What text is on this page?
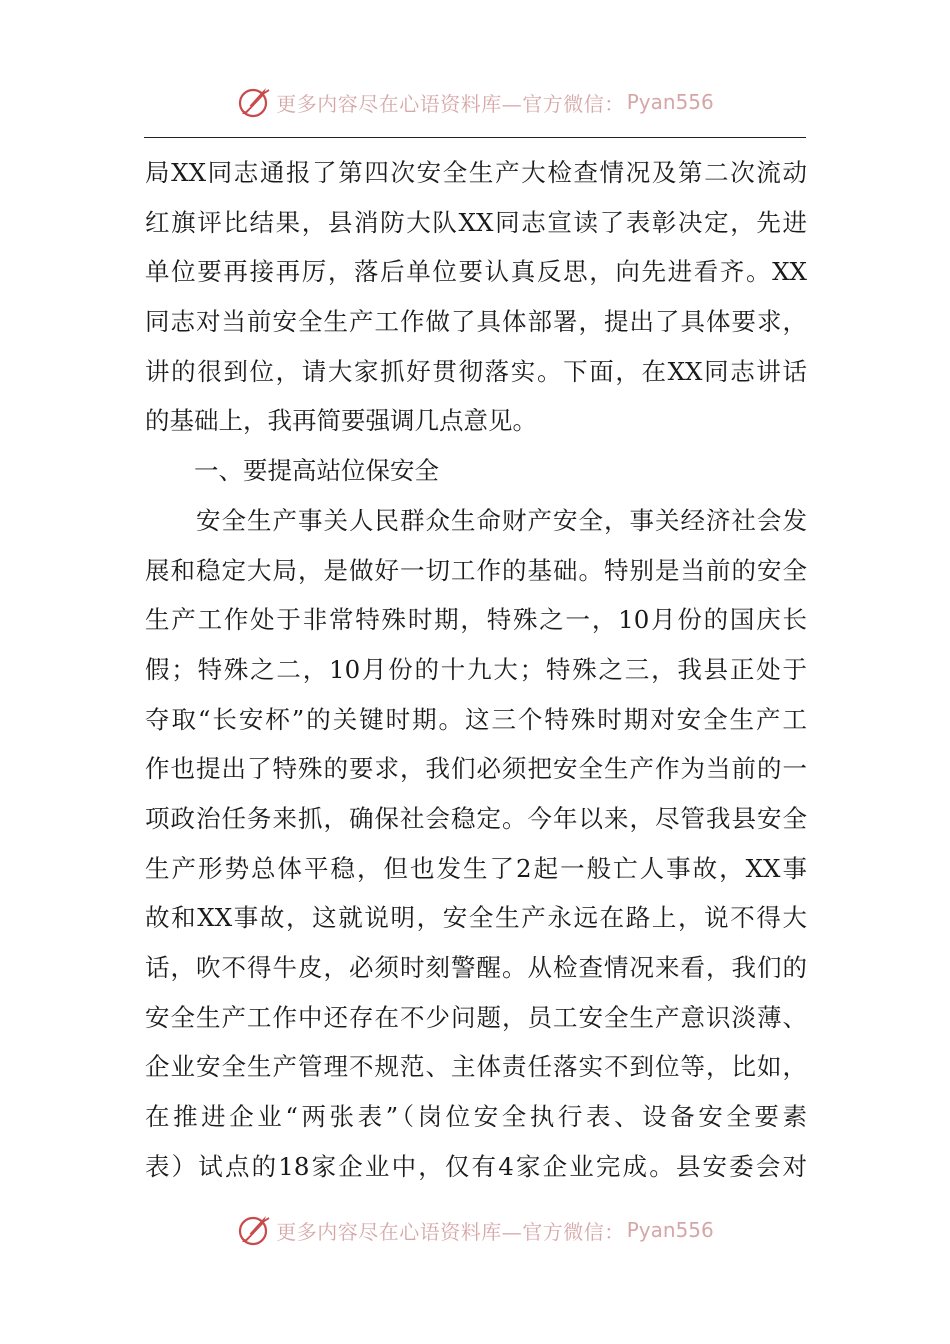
更多内容尽在心语资料库—官方微信： Pyan556
局XX同志通报了第四次安全生产大检查情况及第二次流动
红旗评比结果，县消防大队XX同志宣读了表彰决定，先进
单位要再接再厉，落后单位要认真反思，向先进看齐。XX
同志对当前安全生产工作做了具体部署，提出了具体要求，
讲的很到位，请大家抓好贯彻落实。下面，在XX同志讲话
的基础上，我再简要强调几点意见。
　　一、要提高站位保安全
　　安全生产事关人民群众生命财产安全，事关经济社会发
展和稳定大局，是做好一切工作的基础。特别是当前的安全
生产工作处于非常特殊时期，特殊之一，10月份的国庆长
假；特殊之二，10月份的十九大；特殊之三，我县正处于
夺取“长安杯”的关键时期。这三个特殊时期对安全生产工
作也提出了特殊的要求，我们必须把安全生产作为当前的一
项政治任务来抓，确保社会稳定。今年以来，尽管我县安全
生产形势总体平稳，但也发生了2起一般亡人事故，XX事
故和XX事故，这就说明，安全生产永远在路上，说不得大
话，吹不得牛皮，必须时刻警醒。从检查情况来看，我们的
安全生产工作中还存在不少问题，员工安全生产意识淡薄、
企业安全生产管理不规范、主体责任落实不到位等，比如，
在推进企业“两张表”（岗位安全执行表、设备安全要素
表）试点的18家企业中，仅有4家企业完成。县安委会对
更多内容尽在心语资料库—官方微信： Pyan556
